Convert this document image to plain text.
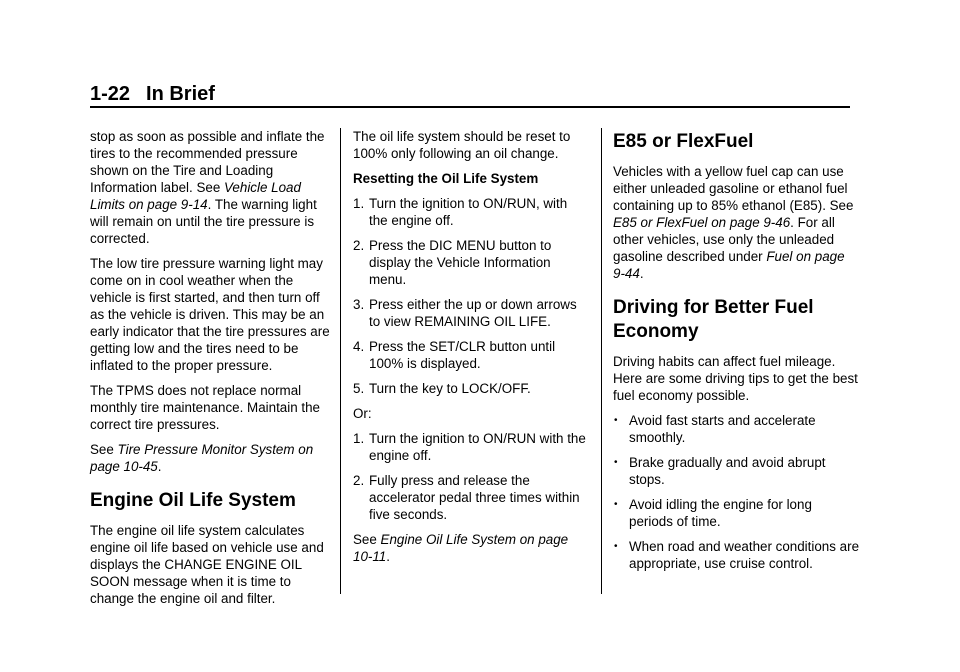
1-22 In Brief

stop as soon as possible and inflate the tires to the recommended pressure shown on the Tire and Loading Information label. See Vehicle Load Limits on page 9-14. The warning light will remain on until the tire pressure is corrected.

The low tire pressure warning light may come on in cool weather when the vehicle is first started, and then turn off as the vehicle is driven. This may be an early indicator that the tire pressures are getting low and the tires need to be inflated to the proper pressure.

The TPMS does not replace normal monthly tire maintenance. Maintain the correct tire pressures.

See Tire Pressure Monitor System on page 10-45.

Engine Oil Life System

The engine oil life system calculates engine oil life based on vehicle use and displays the CHANGE ENGINE OIL SOON message when it is time to change the engine oil and filter.

The oil life system should be reset to 100% only following an oil change.

Resetting the Oil Life System
1. Turn the ignition to ON/RUN, with the engine off.
2. Press the DIC MENU button to display the Vehicle Information menu.
3. Press either the up or down arrows to view REMAINING OIL LIFE.
4. Press the SET/CLR button until 100% is displayed.
5. Turn the key to LOCK/OFF.

Or:

1. Turn the ignition to ON/RUN with the engine off.
2. Fully press and release the accelerator pedal three times within five seconds.

See Engine Oil Life System on page 10-11.

E85 or FlexFuel

Vehicles with a yellow fuel cap can use either unleaded gasoline or ethanol fuel containing up to 85% ethanol (E85). See E85 or FlexFuel on page 9-46. For all other vehicles, use only the unleaded gasoline described under Fuel on page 9-44.

Driving for Better Fuel Economy

Driving habits can affect fuel mileage. Here are some driving tips to get the best fuel economy possible.

• Avoid fast starts and accelerate smoothly.
• Brake gradually and avoid abrupt stops.
• Avoid idling the engine for long periods of time.
• When road and weather conditions are appropriate, use cruise control.
